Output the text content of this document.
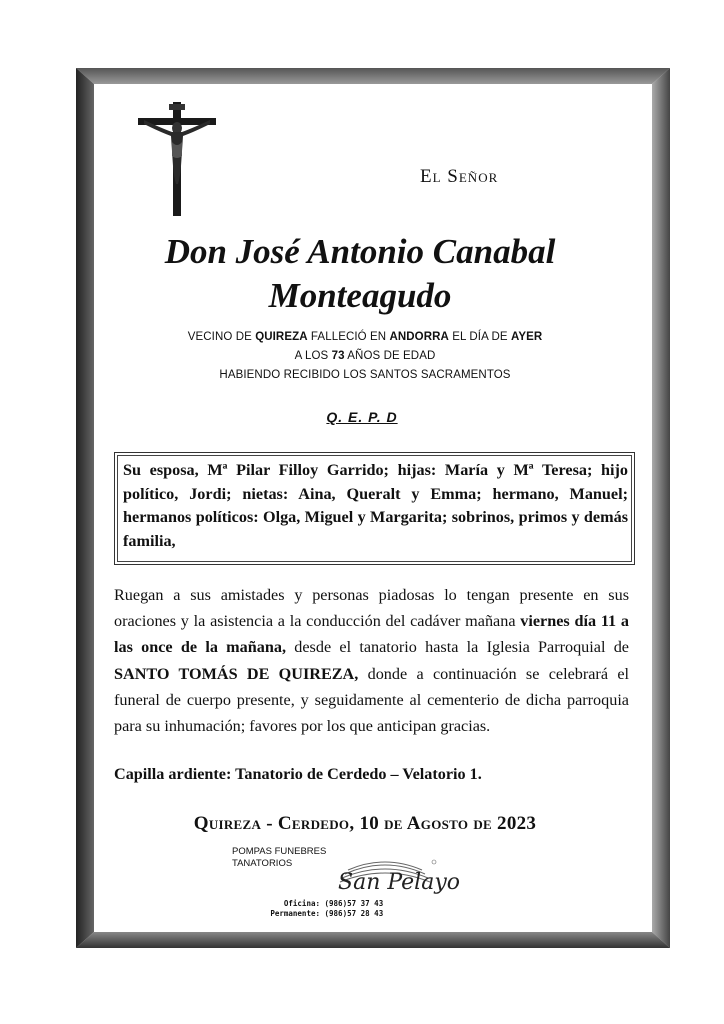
El Señor
Don José Antonio Canabal
Monteagudo
VECINO DE QUIREZA FALLECIÓ EN ANDORRA EL DÍA DE AYER
A LOS 73 AÑOS DE EDAD
HABIENDO RECIBIDO LOS SANTOS SACRAMENTOS
Q. E. P. D

Su esposa, Mª Pilar Filloy Garrido; hijas: María y Mª Teresa; hijo político, Jordi; nietas: Aina, Queralt y Emma; hermano, Manuel; hermanos políticos: Olga, Miguel y Margarita; sobrinos, primos y demás familia,

Ruegan a sus amistades y personas piadosas lo tengan presente en sus oraciones y la asistencia a la conducción del cadáver mañana viernes día 11 a las once de la mañana, desde el tanatorio hasta la Iglesia Parroquial de SANTO TOMÁS DE QUIREZA, donde a continuación se celebrará el funeral de cuerpo presente, y seguidamente al cementerio de dicha parroquia para su inhumación; favores por los que anticipan gracias.
Capilla ardiente: Tanatorio de Cerdedo – Velatorio 1.
Quireza - Cerdedo, 10 de Agosto de 2023
POMPAS FUNEBRES
TANATORIOS
San Pelayo
Oficina: (986)57 37 43
Permanente: (986)57 28 43
